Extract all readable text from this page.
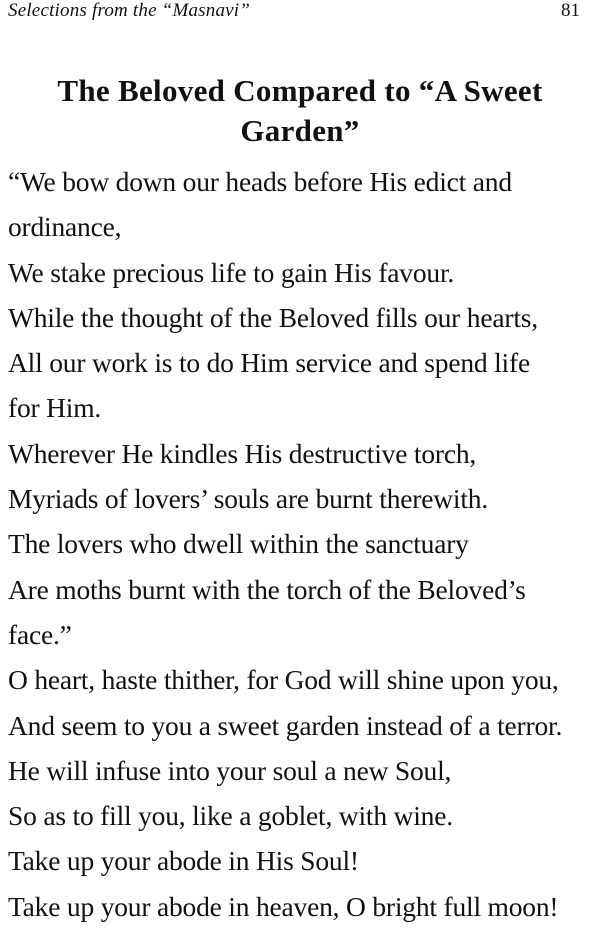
Selections from the “Masnavi”	81
The Beloved Compared to “A Sweet
Garden”
“We bow down our heads before His edict and
ordinance,
We stake precious life to gain His favour.
While the thought of the Beloved fills our hearts,
All our work is to do Him service and spend life
for Him.
Wherever He kindles His destructive torch,
Myriads of lovers’ souls are burnt therewith.
The lovers who dwell within the sanctuary
Are moths burnt with the torch of the Beloved’s
face.”
O heart, haste thither, for God will shine upon you,
And seem to you a sweet garden instead of a terror.
He will infuse into your soul a new Soul,
So as to fill you, like a goblet, with wine.
Take up your abode in His Soul!
Take up your abode in heaven, O bright full moon!
